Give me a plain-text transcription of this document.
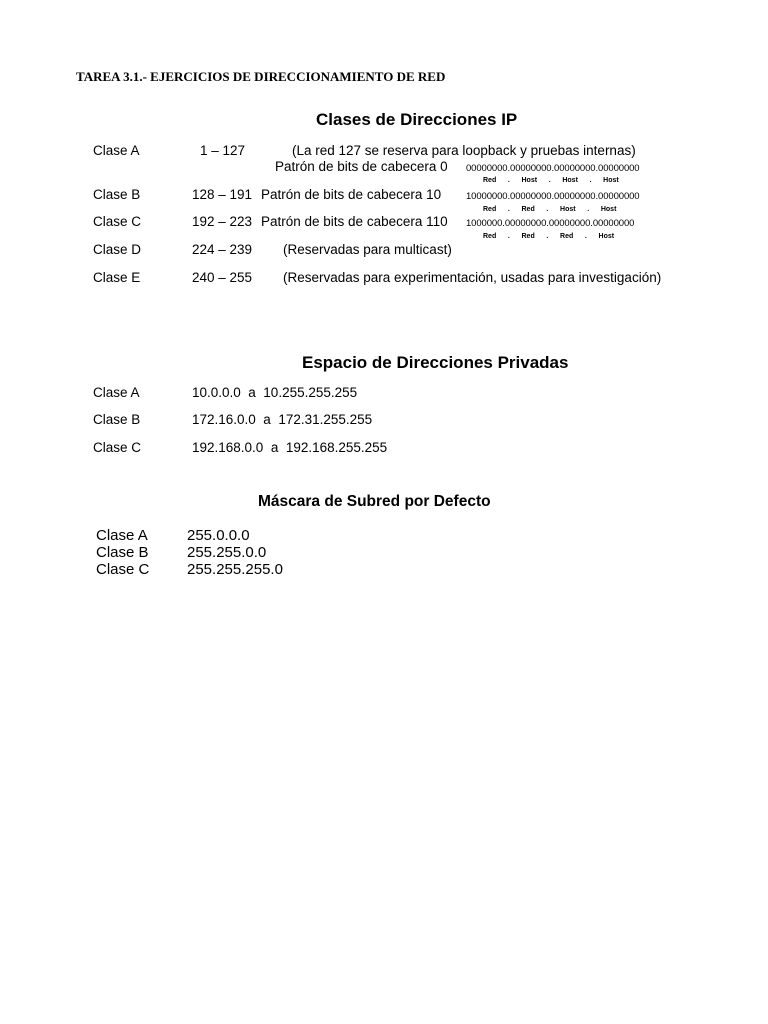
TAREA 3.1.- EJERCICIOS DE DIRECCIONAMIENTO DE RED
Clases de Direcciones IP
Clase A	1 – 127	(La red 127 se reserva para loopback y pruebas internas)
Patrón de bits de cabecera 0 00000000.00000000.00000000.00000000
Red      .      Host      .      Host      .      Host
Clase B	128 – 191 Patrón de bits de cabecera 10	10000000.00000000.00000000.00000000
Red      .      Red      .      Host      .      Host
Clase C	192 – 223 Patrón de bits de cabecera 110 1000000.00000000.00000000.00000000
Red      .      Red      .      Red      .      Host
Clase D	224 – 239 (Reservadas para multicast)
Clase E	240 – 255 (Reservadas para experimentación, usadas para investigación)
Espacio de Direcciones Privadas
Clase A	10.0.0.0  a  10.255.255.255
Clase B	172.16.0.0  a  172.31.255.255
Clase C	192.168.0.0  a  192.168.255.255
Máscara de Subred por Defecto
Clase A	255.0.0.0
Clase B	255.255.0.0
Clase C	255.255.255.0
